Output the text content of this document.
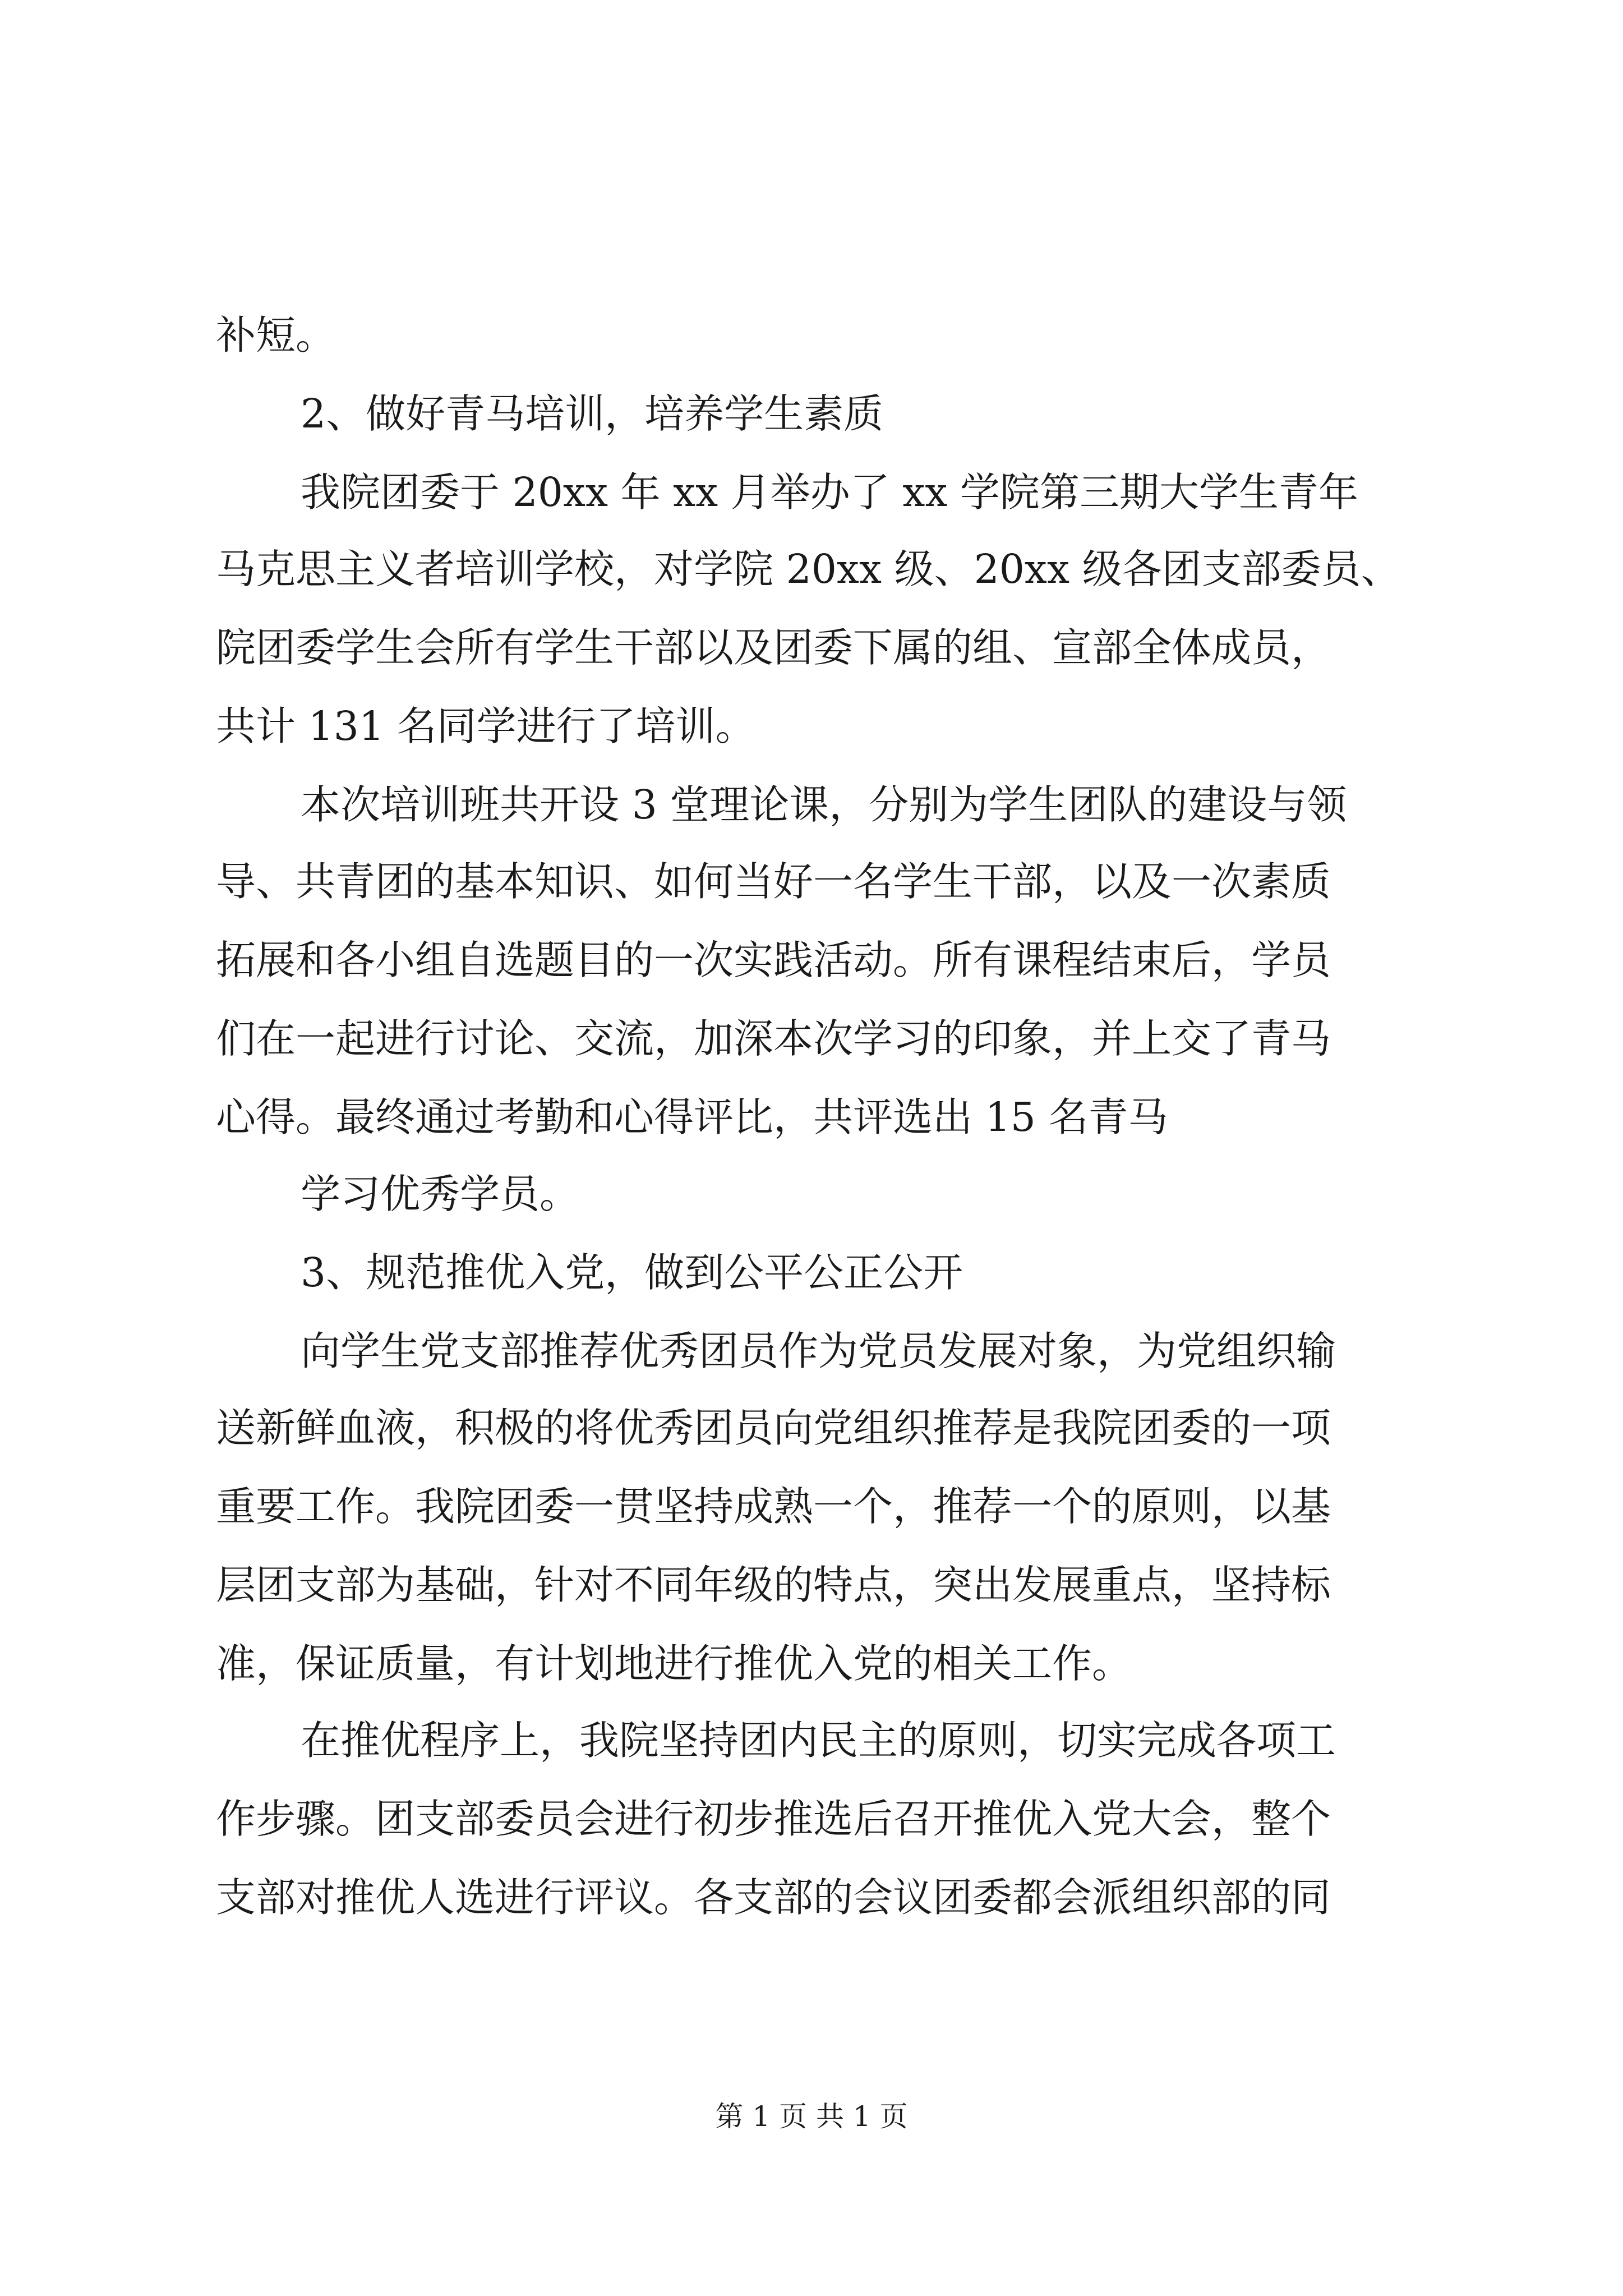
补短。
2、做好青马培训，培养学生素质
我院团委于 20xx 年 xx 月举办了 xx 学院第三期大学生青年
马克思主义者培训学校，对学院 20xx 级、20xx 级各团支部委员、
院团委学生会所有学生干部以及团委下属的组、宣部全体成员，
共计 131 名同学进行了培训。
本次培训班共开设 3 堂理论课，分别为学生团队的建设与领
导、共青团的基本知识、如何当好一名学生干部，以及一次素质
拓展和各小组自选题目的一次实践活动。所有课程结束后，学员
们在一起进行讨论、交流，加深本次学习的印象，并上交了青马
心得。最终通过考勤和心得评比，共评选出 15 名青马
学习优秀学员。
3、规范推优入党，做到公平公正公开
向学生党支部推荐优秀团员作为党员发展对象，为党组织输
送新鲜血液，积极的将优秀团员向党组织推荐是我院团委的一项
重要工作。我院团委一贯坚持成熟一个，推荐一个的原则，以基
层团支部为基础，针对不同年级的特点，突出发展重点，坚持标
准，保证质量，有计划地进行推优入党的相关工作。
在推优程序上，我院坚持团内民主的原则，切实完成各项工
作步骤。团支部委员会进行初步推选后召开推优入党大会，整个
支部对推优人选进行评议。各支部的会议团委都会派组织部的同
第 1 页 共 1 页
